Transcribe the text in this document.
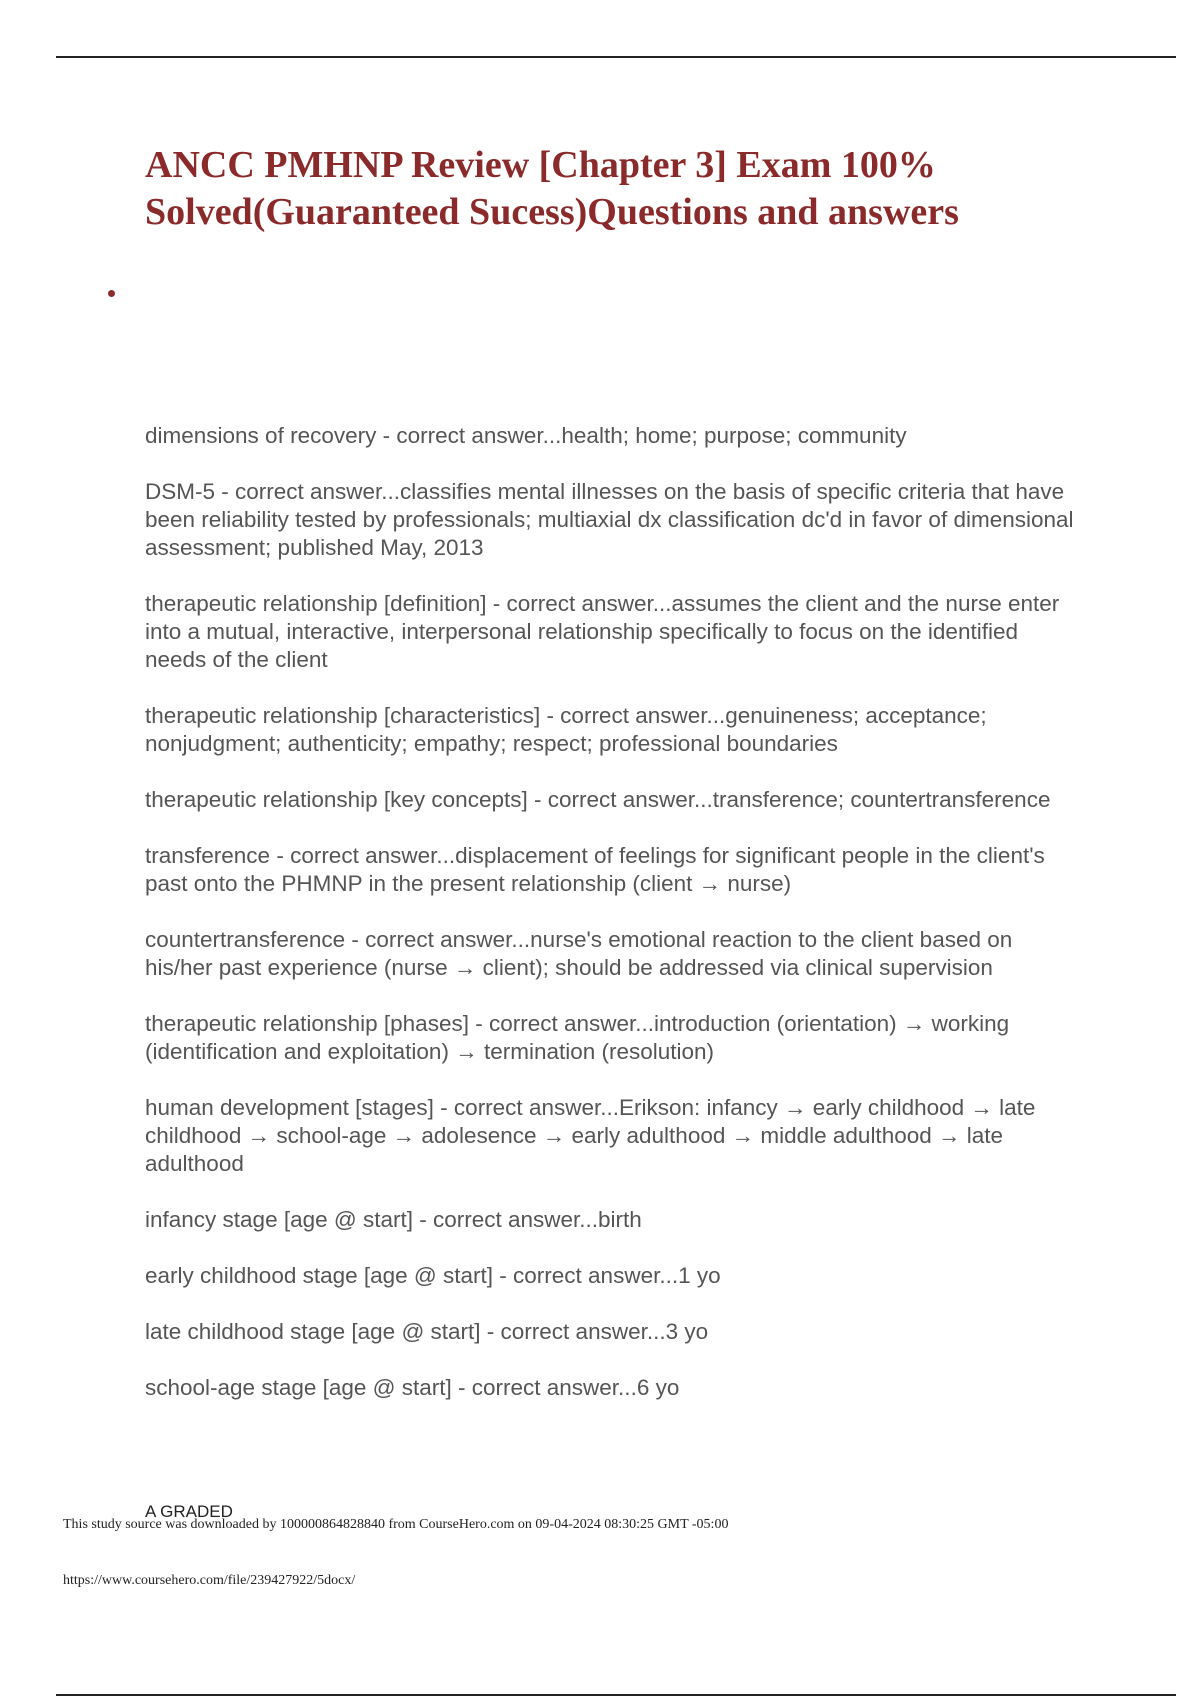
ANCC PMHNP Review [Chapter 3] Exam 100% Solved(Guaranteed Sucess)Questions and answers
dimensions of recovery - correct answer...health; home; purpose; community
DSM-5 - correct answer...classifies mental illnesses on the basis of specific criteria that have been reliability tested by professionals; multiaxial dx classification dc'd in favor of dimensional assessment; published May, 2013
therapeutic relationship [definition] - correct answer...assumes the client and the nurse enter into a mutual, interactive, interpersonal relationship specifically to focus on the identified needs of the client
therapeutic relationship [characteristics] - correct answer...genuineness; acceptance; nonjudgment; authenticity; empathy; respect; professional boundaries
therapeutic relationship [key concepts] - correct answer...transference; countertransference
transference - correct answer...displacement of feelings for significant people in the client's past onto the PHMNP in the present relationship (client → nurse)
countertransference - correct answer...nurse's emotional reaction to the client based on his/her past experience (nurse → client); should be addressed via clinical supervision
therapeutic relationship [phases] - correct answer...introduction (orientation) → working (identification and exploitation) → termination (resolution)
human development [stages] - correct answer...Erikson: infancy → early childhood → late childhood → school-age → adolesence → early adulthood → middle adulthood → late adulthood
infancy stage [age @ start] - correct answer...birth
early childhood stage [age @ start] - correct answer...1 yo
late childhood stage [age @ start] - correct answer...3 yo
school-age stage [age @ start] - correct answer...6 yo
A GRADED
This study source was downloaded by 100000864828840 from CourseHero.com on 09-04-2024 08:30:25 GMT -05:00
https://www.coursehero.com/file/239427922/5docx/
